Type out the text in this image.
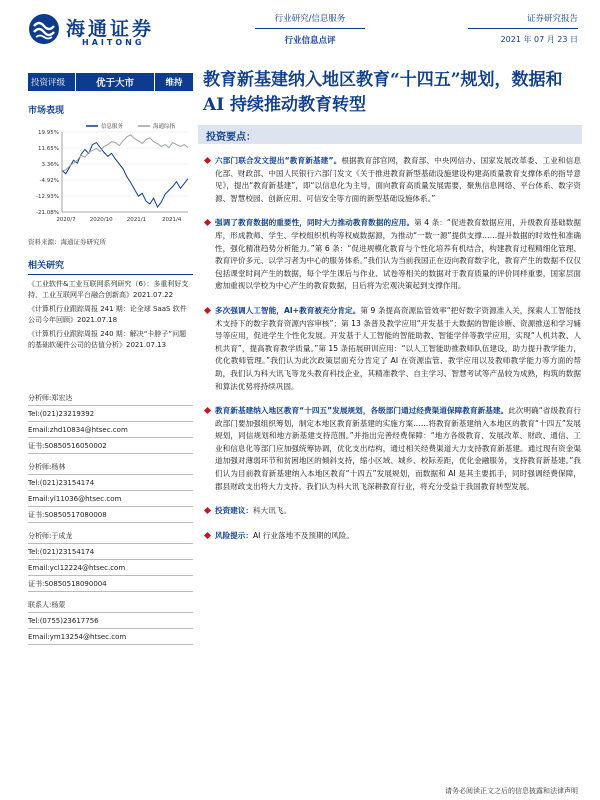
海通证券
HAITONG
行业研究/信息服务
行业信息点评
证券研究报告
2021 年 07 月 23 日
投资评级	优于大市	维持
市场表现
19.95%
11.65%
3.36%
-4.92%
-12.93%
-21.08%
2020/7	2020/10	2021/1	2021/4
信息服务	海通综指
资料来源：海通证券研究所
相关研究
《工业软件&工业互联网系列研究（6）：多重利好支持，工业互联网平台融合创新高》2021.07.22
《计算机行业跟踪周报 241 期：论全球 SaaS 软件公司今年回顾》2021.07.18
《计算机行业跟踪周报 240 期：解决“卡脖子”问题的基础软硬件公司的估值分析》2021.07.13
分析师:郑宏达
Tel:(021)23219392
Email:zhd10834@htsec.com
证书:S0850516050002
分析师:杨林
Tel:(021)23154174
Email:yl11036@htsec.com
证书:S0850517080008
分析师:于成龙
Tel:(021)23154174
Email:ycl12224@htsec.com
证书:S0850518090004
联系人:杨蒙
Tel:(0755)23617756
Email:ym13254@htsec.com
教育新基建纳入地区教育“十四五”规划，数据和 AI 持续推动教育转型
投资要点：
六部门联合发文提出“教育新基建”。根据教育部官网，教育部、中央网信办、国家发展改革委、工业和信息化部、财政部、中国人民银行六部门发文《关于推进教育新型基础设施建设构建高质量教育支撑体系的指导意见》，提出“教育新基建”，即“以信息化为主导，面向教育高质量发展需要，聚焦信息网络、平台体系、数字资源、智慧校园、创新应用、可信安全等方面的新型基础设施体系。”
强调了教育数据的重要性，同时大力推动教育数据的应用。第 4 条：“促进教育数据应用，升级教育基础数据库，形成教师、学生、学校组织机构等权威数据源，为推动“一数一源”提供支撑……提升数据的时效性和准确性，强化精准趋势分析能力。”第 6 条：“促进规模化教育与个性化培养有机结合，构建教育过程精细化管理、教育评价多元、以学习者为中心的服务体系。”我们认为当前我国正在迈向教育数字化，教育产生的数据不仅仅包括课堂时间产生的数据，每个学生课后与作业、试卷等相关的数据对于教育质量的评价同样重要，国家层面愈加重视以学校为中心产生的教育数据，日后将为宏观决策起到支撑作用。
多次强调人工智能，AI+教育被充分肯定。第 9 条提高资源监管效率“把好数字资源准入关，探索人工智能技术支持下的数字教育资源内容审核”；第 13 条普及教学应用“开发基于大数据的智能诊断、资源推送和学习辅导等应用，促进学生个性化发展。开发基于人工智能的智能助教、智能学伴等教学应用，实现“人机共教、人机共育”，提高教育教学质量。”第 15 条拓展研训应用：“以人工智能助推教师队伍建设，助力提升教学能力，优化教师管理。”我们认为此次政策层面充分肯定了 AI 在资源监管、教学应用以及教师教学能力等方面的帮助，我们认为科大讯飞等龙头教育科技企业，其精准教学、自主学习、智慧考试等产品较为成熟，构筑的数据和算法优势将持续巩固。
教育新基建纳入地区教育“十四五”发展规划，各级部门通过经费渠道保障教育新基建。此次明确“省级教育行政部门要加强组织筹划，制定本地区教育新基建的实施方案……将教育新基建纳入本地区的教育“十四五”发展规划，同信规划和地方新基建支持范围。”并指出完善经费保障：“地方各级教育、发展改革、财政、通信、工业和信息化等部门应加强统筹协调，优化支出结构，通过相关经费渠道大力支持教育新基建。通过现有资金渠道加强对薄弱环节和贫困地区的倾斜支持，缩小区域、城乡、校际差距，优化金融服务，支持教育新基建。”我们认为目前教育新基建纳入本地区教育“十四五”发展规划，而数据和 AI 是其主要抓手，同时强调经费保障，郡县财政支出将大力支持。我们认为科大讯飞深耕教育行业，将充分受益于我国教育转型发展。
投资建议：科大讯飞。
风险提示：AI 行业落地不及预期的风险。
请务必阅读正文之后的信息披露和法律声明
